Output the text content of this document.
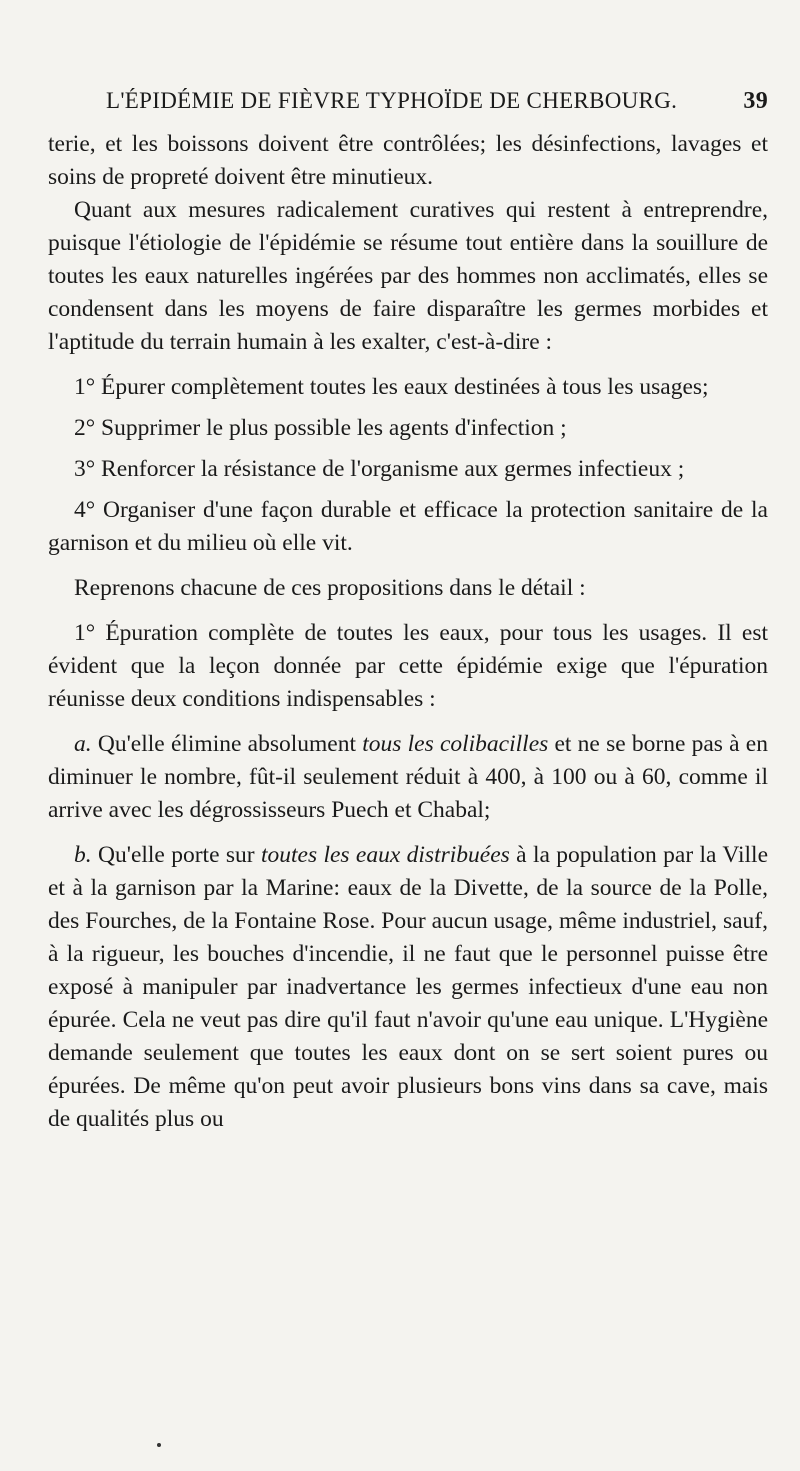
L'ÉPIDÉMIE DE FIÈVRE TYPHOÏDE DE CHERBOURG.	39

terie, et les boissons doivent être contrôlées; les désinfections, lavages et soins de propreté doivent être minutieux.

Quant aux mesures radicalement curatives qui restent à entreprendre, puisque l'étiologie de l'épidémie se résume tout entière dans la souillure de toutes les eaux naturelles ingérées par des hommes non acclimatés, elles se condensent dans les moyens de faire disparaître les germes morbides et l'aptitude du terrain humain à les exalter, c'est-à-dire :

1° Épurer complètement toutes les eaux destinées à tous les usages;

2° Supprimer le plus possible les agents d'infection ;

3° Renforcer la résistance de l'organisme aux germes infectieux ;

4° Organiser d'une façon durable et efficace la protection sanitaire de la garnison et du milieu où elle vit.

Reprenons chacune de ces propositions dans le détail :

1° Épuration complète de toutes les eaux, pour tous les usages. Il est évident que la leçon donnée par cette épidémie exige que l'épuration réunisse deux conditions indispensables :

a. Qu'elle élimine absolument tous les colibacilles et ne se borne pas à en diminuer le nombre, fût-il seulement réduit à 400, à 100 ou à 60, comme il arrive avec les dégrossisseurs Puech et Chabal;

b. Qu'elle porte sur toutes les eaux distribuées à la population par la Ville et à la garnison par la Marine: eaux de la Divette, de la source de la Polle, des Fourches, de la Fontaine Rose. Pour aucun usage, même industriel, sauf, à la rigueur, les bouches d'incendie, il ne faut que le personnel puisse être exposé à manipuler par inadvertance les germes infectieux d'une eau non épurée. Cela ne veut pas dire qu'il faut n'avoir qu'une eau unique. L'Hygiène demande seulement que toutes les eaux dont on se sert soient pures ou épurées. De même qu'on peut avoir plusieurs bons vins dans sa cave, mais de qualités plus ou
